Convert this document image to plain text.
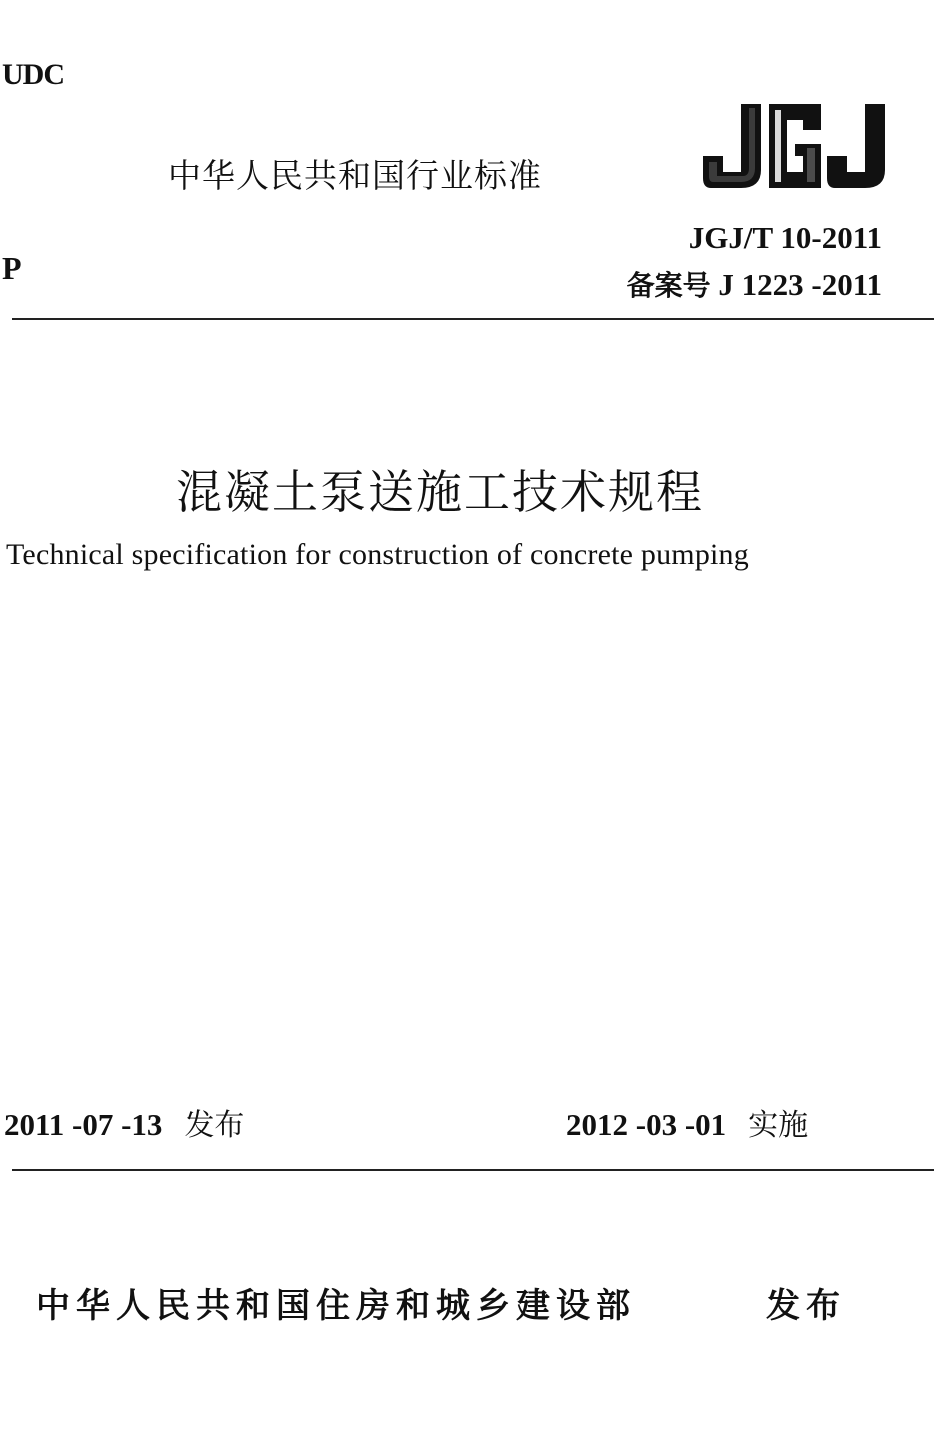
UDC
中华人民共和国行业标准
JGJ/T 10-2011
备案号 J 1223 -2011
P
混凝土泵送施工技术规程
Technical specification for construction of concrete pumping
2011 -07 -13 发布	2012 -03 -01 实施
中华人民共和国住房和城乡建设部	发布
